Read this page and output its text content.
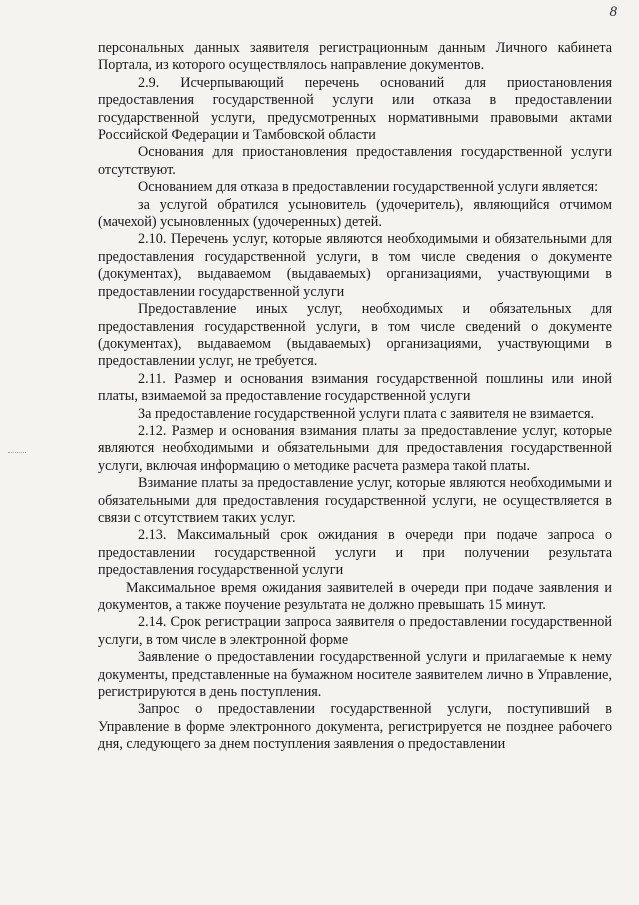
8

персональных данных заявителя регистрационным данным Личного кабинета Портала, из которого осуществлялось направление документов.

2.9. Исчерпывающий перечень оснований для приостановления предоставления государственной услуги или отказа в предоставлении государственной услуги, предусмотренных нормативными правовыми актами Российской Федерации и Тамбовской области

Основания для приостановления предоставления государственной услуги отсутствуют.

Основанием для отказа в предоставлении государственной услуги является:

за услугой обратился усыновитель (удочеритель), являющийся отчимом (мачехой) усыновленных (удочеренных) детей.

2.10. Перечень услуг, которые являются необходимыми и обязательными для предоставления государственной услуги, в том числе сведения о документе (документах), выдаваемом (выдаваемых) организациями, участвующими в предоставлении государственной услуги

Предоставление иных услуг, необходимых и обязательных для предоставления государственной услуги, в том числе сведений о документе (документах), выдаваемом (выдаваемых) организациями, участвующими в предоставлении услуг, не требуется.

2.11. Размер и основания взимания государственной пошлины или иной платы, взимаемой за предоставление государственной услуги

За предоставление государственной услуги плата с заявителя не взимается.

2.12. Размер и основания взимания платы за предоставление услуг, которые являются необходимыми и обязательными для предоставления государственной услуги, включая информацию о методике расчета размера такой платы.

Взимание платы за предоставление услуг, которые являются необходимыми и обязательными для предоставления государственной услуги, не осуществляется в связи с отсутствием таких услуг.

2.13. Максимальный срок ожидания в очереди при подаче запроса о предоставлении государственной услуги и при получении результата предоставления государственной услуги

Максимальное время ожидания заявителей в очереди при подаче заявления и документов, а также поучение результата не должно превышать 15 минут.

2.14. Срок регистрации запроса заявителя о предоставлении государственной услуги, в том числе в электронной форме

Заявление о предоставлении государственной услуги и прилагаемые к нему документы, представленные на бумажном носителе заявителем лично в Управление, регистрируются в день поступления.

Запрос о предоставлении государственной услуги, поступивший в Управление в форме электронного документа, регистрируется не позднее рабочего дня, следующего за днем поступления заявления о предоставлении
